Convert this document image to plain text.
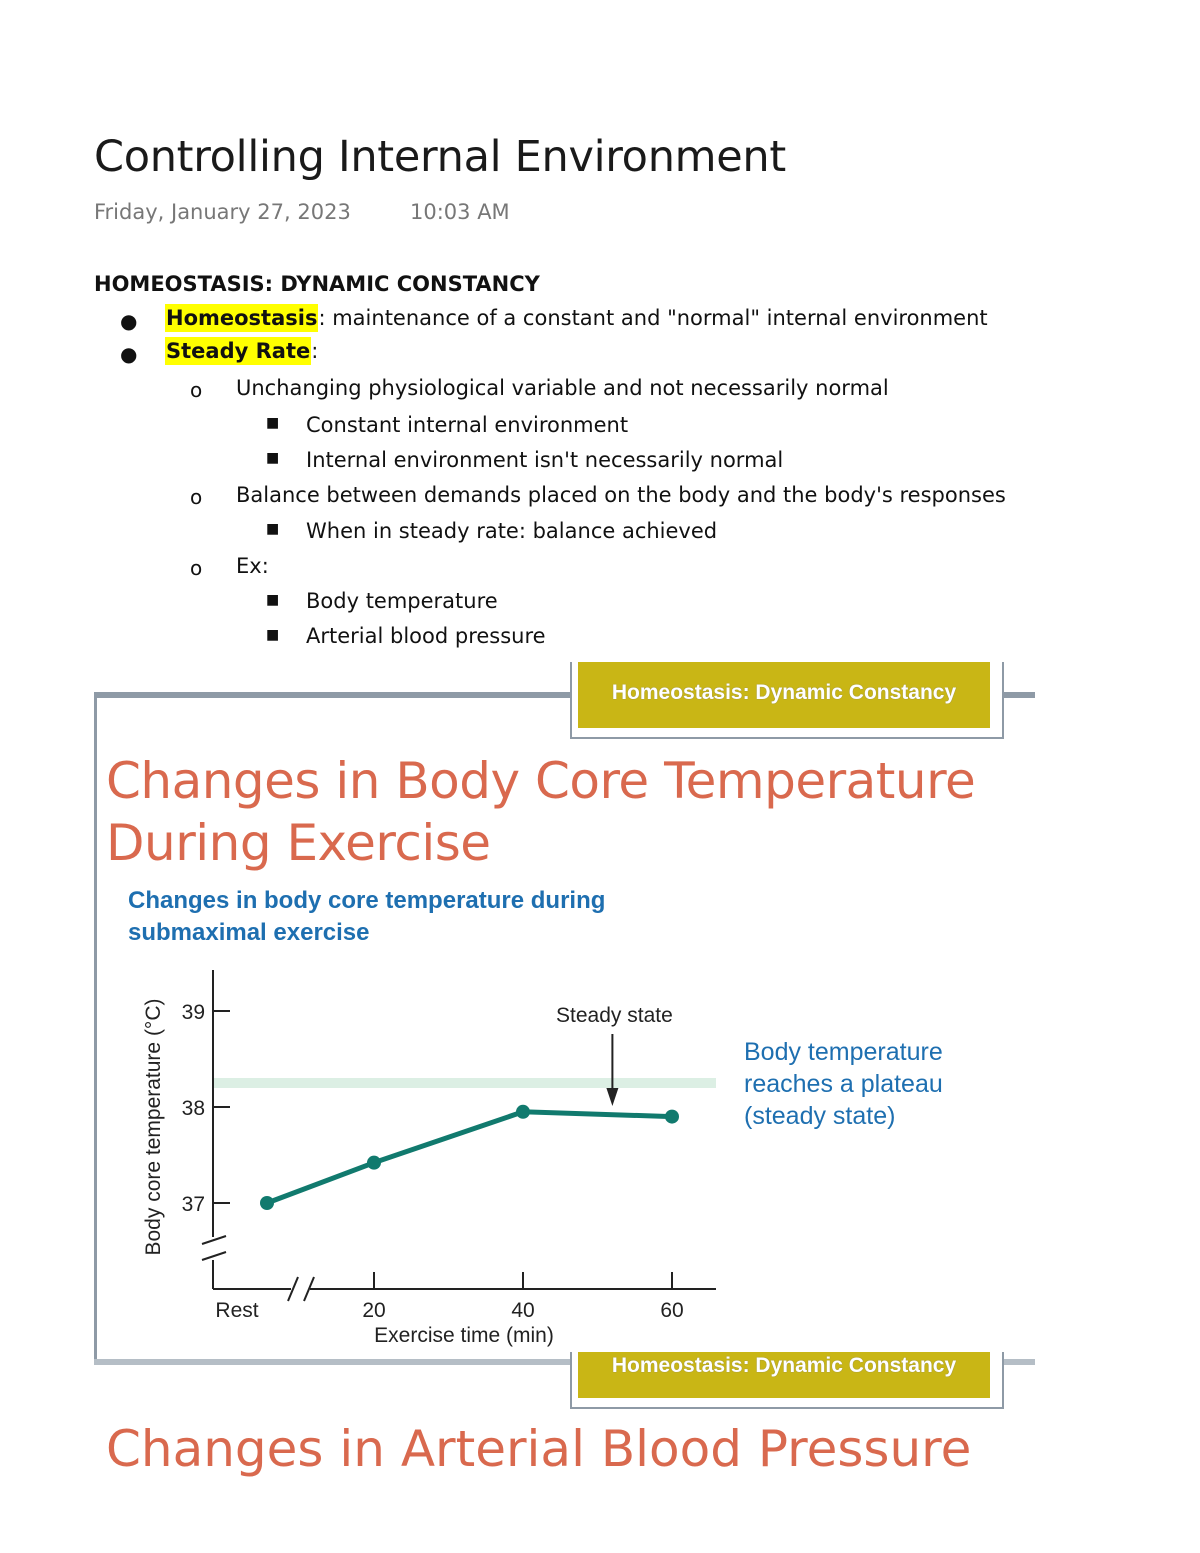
Controlling Internal Environment
Friday, January 27, 2023	10:03 AM
HOMEOSTASIS: DYNAMIC CONSTANCY
● Homeostasis: maintenance of a constant and "normal" internal environment
● Steady Rate:
o Unchanging physiological variable and not necessarily normal
■ Constant internal environment
■ Internal environment isn't necessarily normal
o Balance between demands placed on the body and the body's responses
■ When in steady rate: balance achieved
o Ex:
■ Body temperature
■ Arterial blood pressure
Homeostasis: Dynamic Constancy
Changes in Body Core Temperature
During Exercise
Changes in body core temperature during
submaximal exercise
37
38
39
Rest	20	40	60
Steady state
Body core temperature (°C)
Exercise time (min)
Body temperature
reaches a plateau
(steady state)
Homeostasis: Dynamic Constancy
Changes in Arterial Blood Pressure
